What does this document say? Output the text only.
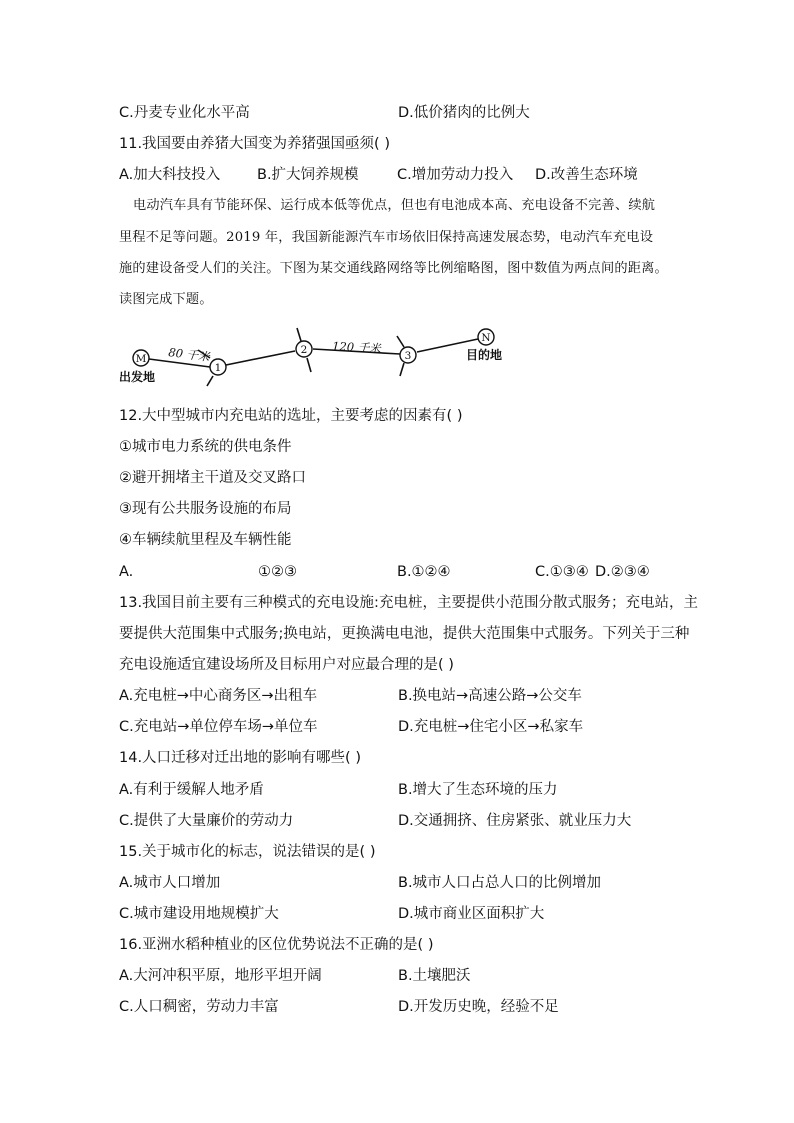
C.丹麦专业化水平高	D.低价猪肉的比例大
11.我国要由养猪大国变为养猪强国亟须( )
A.加大科技投入	B.扩大饲养规模	C.增加劳动力投入 D.改善生态环境
电动汽车具有节能环保、运行成本低等优点，但也有电池成本高、充电设备不完善、续航
里程不足等问题。2019 年，我国新能源汽车市场依旧保持高速发展态势，电动汽车充电设
施的建设备受人们的关注。下图为某交通线路网络等比例缩略图，图中数值为两点间的距离。
读图完成下题。
M
1
2	3
N
80 千米	120 千米
出发地
目的地
12.大中型城市内充电站的选址，主要考虑的因素有( )
①城市电力系统的供电条件
②避开拥堵主干道及交叉路口
③现有公共服务设施的布局
④车辆续航里程及车辆性能
A.	①②③	B.①②④	C.①③④ D.②③④
13.我国目前主要有三种模式的充电设施:充电桩，主要提供小范围分散式服务；充电站，主
要提供大范围集中式服务;换电站，更换满电电池，提供大范围集中式服务。下列关于三种
充电设施适宜建设场所及目标用户对应最合理的是( )
A.充电桩→中心商务区→出租车	B.换电站→高速公路→公交车
C.充电站→单位停车场→单位车	D.充电桩→住宅小区→私家车
14.人口迁移对迁出地的影响有哪些( )
A.有利于缓解人地矛盾	B.增大了生态环境的压力
C.提供了大量廉价的劳动力	D.交通拥挤、住房紧张、就业压力大
15.关于城市化的标志，说法错误的是( )
A.城市人口增加	B.城市人口占总人口的比例增加
C.城市建设用地规模扩大	D.城市商业区面积扩大
16.亚洲水稻种植业的区位优势说法不正确的是( )
A.大河冲积平原，地形平坦开阔	B.土壤肥沃
C.人口稠密，劳动力丰富	D.开发历史晚，经验不足
